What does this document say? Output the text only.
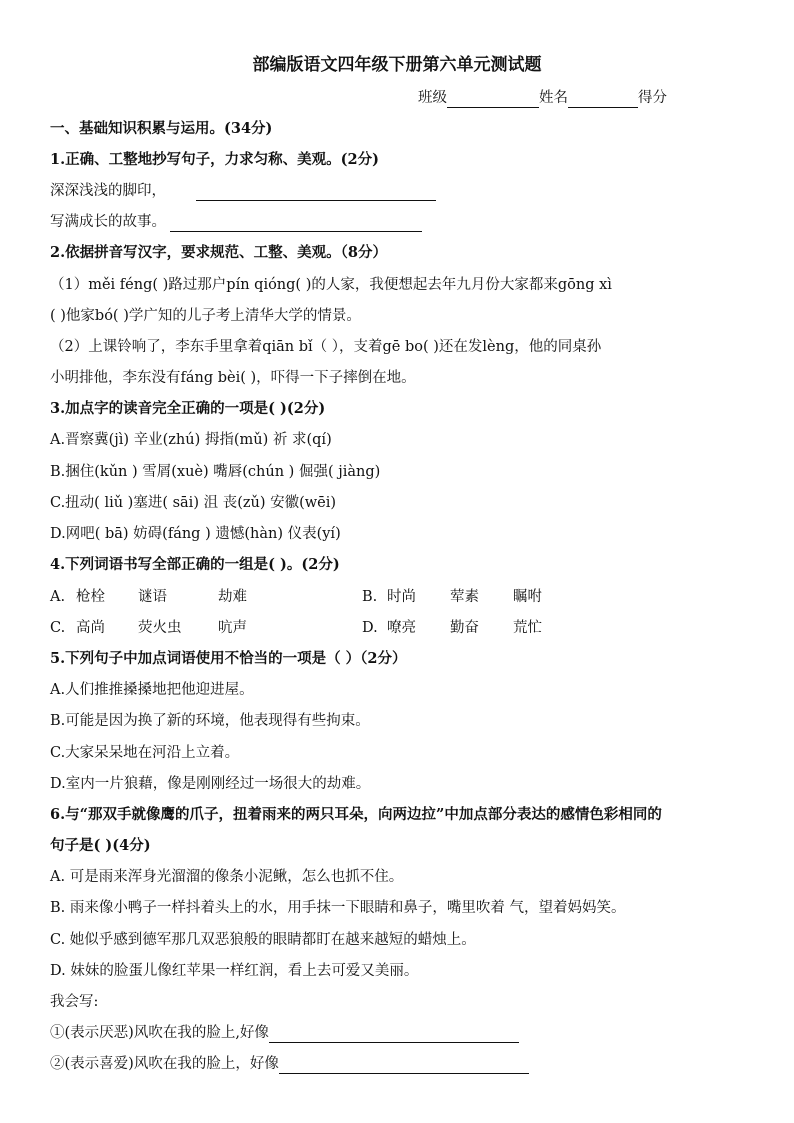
部编版语文四年级下册第六单元测试题
班级	姓名	得分
一、基础知识积累与运用。(34分)
1.正确、工整地抄写句子，力求匀称、美观。(2分)
深深浅浅的脚印，
写满成长的故事。
2.依据拼音写汉字，要求规范、工整、美观。（8分）
（1）měi féng( )路过那户pín qióng( )的人家，我便想起去年九月份大家都来gōng xì
( )他家bó( )学广知的儿子考上清华大学的情景。
（2）上课铃响了，李东手里拿着qiān bǐ（ ），支着gē bo( )还在发lèng，他的同桌孙
小明排他，李东没有fáng bèi( )，吓得一下子摔倒在地。
3.加点字的读音完全正确的一项是( )(2分)
A.晋察冀(jì) 辛业(zhú) 拇指(mǔ) 祈 求(qí)
B.捆住(kǔn ) 雪屑(xuè) 嘴唇(chún ) 倔强( jiàng)
C.扭动( liǔ )塞进( sāi) 沮 丧(zǔ) 安徽(wēi)
D.网吧( bā) 妨碍(fáng ) 遗憾(hàn) 仪表(yí)
4.下列词语书写全部正确的一组是( )。(2分)
A. 枪栓 谜语	劫难	B. 时尚 荤素 瞩咐
C. 高尚 荧火虫	吭声	D. 嘹亮 勤奋 荒忙
5.下列句子中加点词语使用不恰当的一项是（ ）（2分）
A.人们推推搡搡地把他迎进屋。
B.可能是因为换了新的环境，他表现得有些拘束。
C.大家呆呆地在河沿上立着。
D.室内一片狼藉，像是刚刚经过一场很大的劫难。
6.与“那双手就像鹰的爪子，扭着雨来的两只耳朵，向两边拉”中加点部分表达的感情色彩相同的
句子是( )(4分)
A. 可是雨来浑身光溜溜的像条小泥鳅，怎么也抓不住。
B. 雨来像小鸭子一样抖着头上的水，用手抹一下眼睛和鼻子，嘴里吹着 气，望着妈妈笑。
C. 她似乎感到德军那几双恶狼般的眼睛都盯在越来越短的蜡烛上。
D. 妹妹的脸蛋儿像红苹果一样红润，看上去可爱又美丽。
我会写:
①(表示厌恶)风吹在我的脸上,好像
②(表示喜爱)风吹在我的脸上，好像
